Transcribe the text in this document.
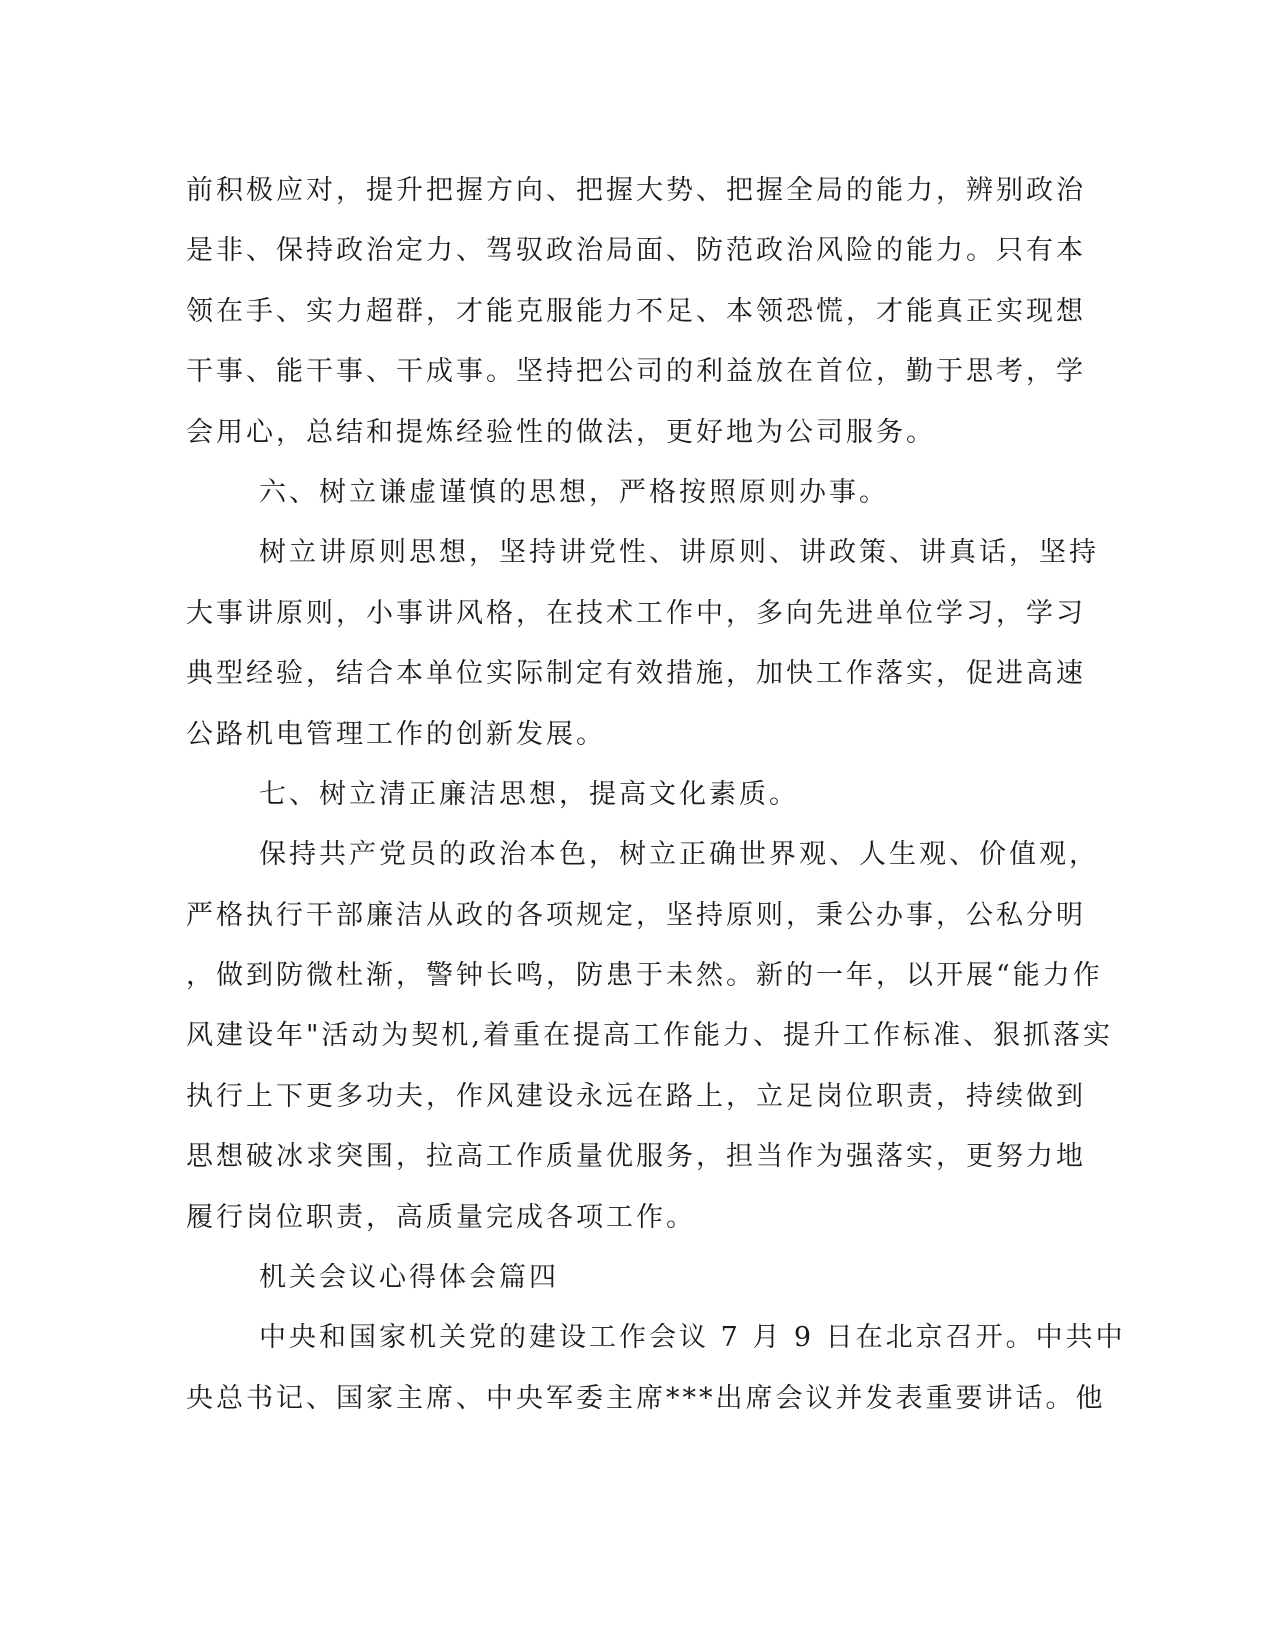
前积极应对，提升把握方向、把握大势、把握全局的能力，辨别政治
是非、保持政治定力、驾驭政治局面、防范政治风险的能力。只有本
领在手、实力超群，才能克服能力不足、本领恐慌，才能真正实现想
干事、能干事、干成事。坚持把公司的利益放在首位，勤于思考，学
会用心，总结和提炼经验性的做法，更好地为公司服务。
六、树立谦虚谨慎的思想，严格按照原则办事。
树立讲原则思想，坚持讲党性、讲原则、讲政策、讲真话，坚持
大事讲原则，小事讲风格，在技术工作中，多向先进单位学习，学习
典型经验，结合本单位实际制定有效措施，加快工作落实，促进高速
公路机电管理工作的创新发展。
七、树立清正廉洁思想，提高文化素质。
保持共产党员的政治本色，树立正确世界观、人生观、价值观，
严格执行干部廉洁从政的各项规定，坚持原则，秉公办事，公私分明
，做到防微杜渐，警钟长鸣，防患于未然。新的一年，以开展“能力作
风建设年"活动为契机,着重在提高工作能力、提升工作标准、狠抓落实
执行上下更多功夫，作风建设永远在路上，立足岗位职责，持续做到
思想破冰求突围，拉高工作质量优服务，担当作为强落实，更努力地
履行岗位职责，高质量完成各项工作。
机关会议心得体会篇四
中央和国家机关党的建设工作会议 7 月 9 日在北京召开。中共中
央总书记、国家主席、中央军委主席***出席会议并发表重要讲话。他
